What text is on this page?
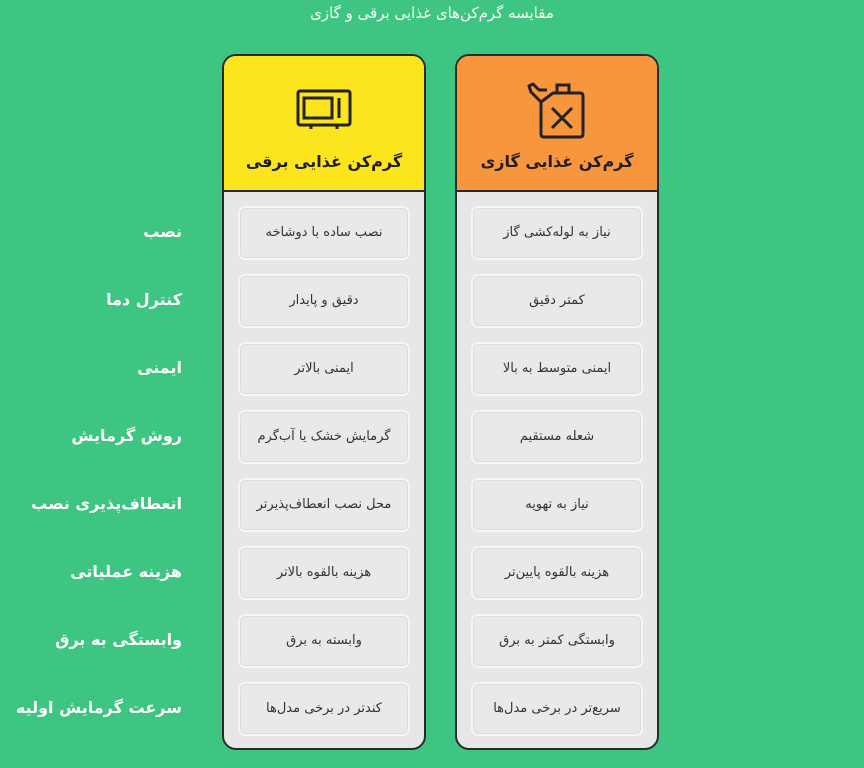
مقایسه گرم‌کن‌های غذایی برقی و گازی
نصب
کنترل دما
ایمنی
روش گرمایش
انعطاف‌پذیری نصب
هزینه عملیاتی
وابستگی به برق
سرعت گرمایش اولیه
گرم‌کن غذایی برقی
نصب ساده با دوشاخه
دقیق و پایدار
ایمنی بالاتر
گرمایش خشک یا آب‌گرم
محل نصب انعطاف‌پذیرتر
هزینه بالقوه بالاتر
وابسته به برق
کندتر در برخی مدل‌ها
گرم‌کن غذایی گازی
نیاز به لوله‌کشی گاز
کمتر دقیق
ایمنی متوسط به بالا
شعله مستقیم
نیاز به تهویه
هزینه بالقوه پایین‌تر
وابستگی کمتر به برق
سریع‌تر در برخی مدل‌ها
